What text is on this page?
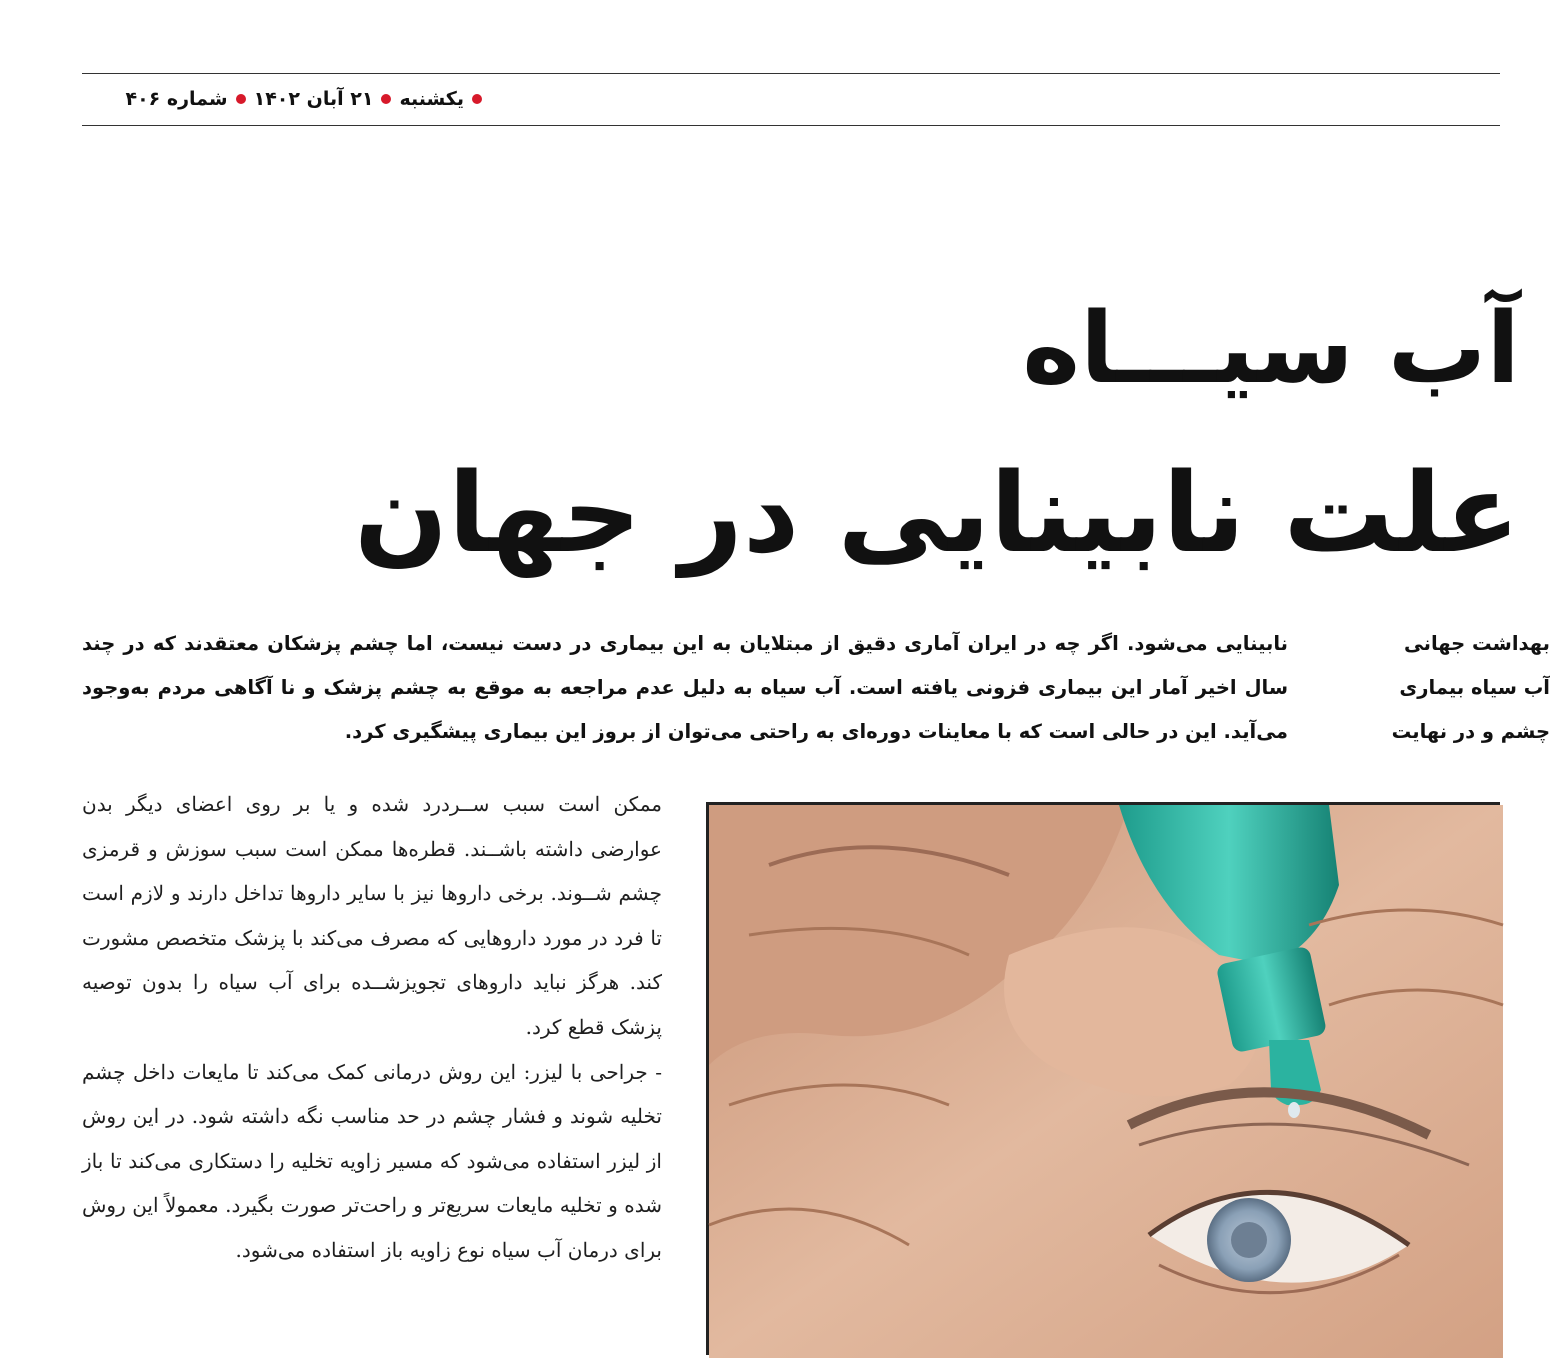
یکشنبه
۲۱ آبان ۱۴۰۲
شماره ۴۰۶
آب سیـــاه
علت نابینایی در جهان
بهداشت جهانی
آب سیاه بیماری
چشم و در نهایت
نابینایی می‌شود. اگر چه در ایران آماری دقیق از مبتلایان به این بیماری در دست نیست، اما چشم پزشکان معتقدند که در چند سال اخیر آمار این بیماری فزونی یافته است. آب سیاه به دلیل عدم مراجعه به موقع به چشم پزشک و نا آگاهی مردم به‌وجود می‌آید. این در حالی است که با معاینات دوره‌ای به راحتی می‌توان از بروز این بیماری پیشگیری کرد.

ممکن است سبب ســردرد شده و یا بر روی اعضای دیگر بدن عوارضی داشته باشــند. قطره‌ها ممکن است سبب سوزش و قرمزی چشم شــوند. برخی داروها نیز با سایر داروها تداخل دارند و لازم است تا فرد در مورد داروهایی که مصرف می‌کند با پزشک متخصص مشورت کند. هرگز نباید داروهای تجویزشــده برای آب سیاه را بدون توصیه پزشک قطع کرد.

- جراحی با لیزر: این روش درمانی کمک می‌کند تا مایعات داخل چشم تخلیه شوند و فشار چشم در حد مناسب نگه داشته شود. در این روش از لیزر استفاده می‌شود که مسیر زاویه تخلیه را دستکاری می‌کند تا باز شده و تخلیه مایعات سریع‌تر و راحت‌تر صورت بگیرد. معمولاً این روش برای درمان آب سیاه نوع زاویه باز استفاده می‌شود.
